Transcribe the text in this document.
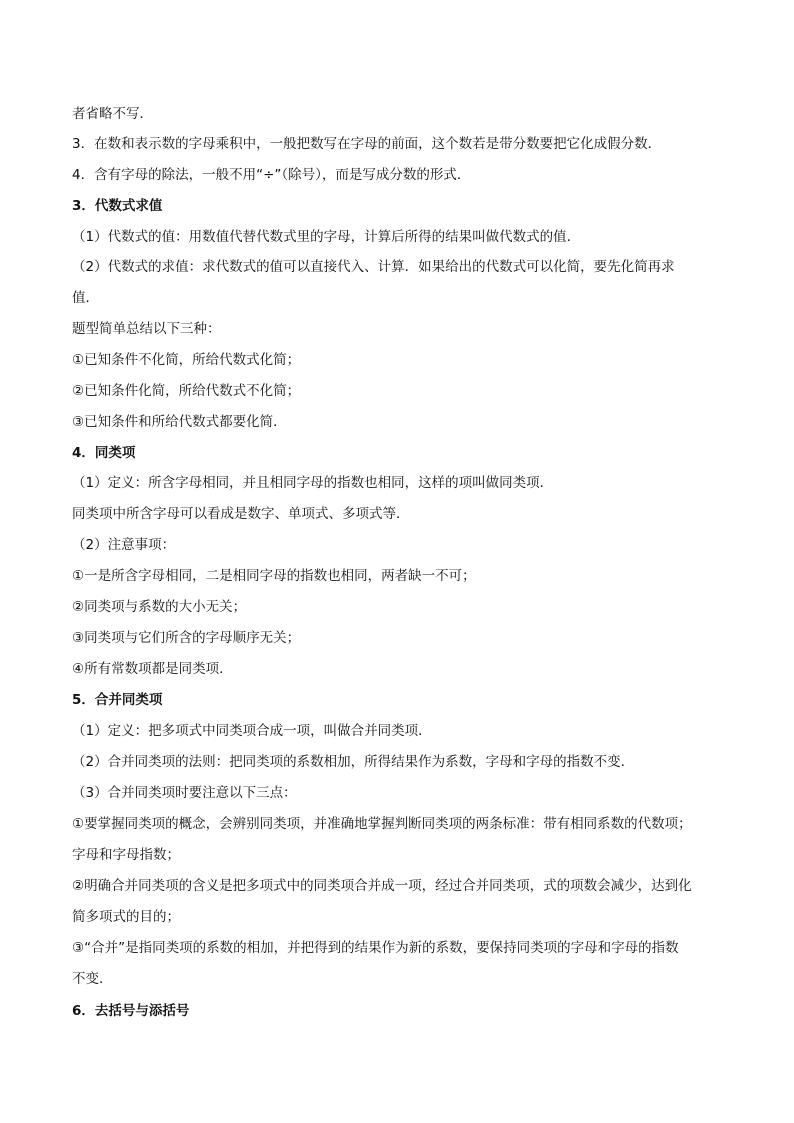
者省略不写．
3．在数和表示数的字母乘积中，一般把数写在字母的前面，这个数若是带分数要把它化成假分数．
4．含有字母的除法，一般不用“÷”（除号），而是写成分数的形式．
3．代数式求值
（1）代数式的值：用数值代替代数式里的字母，计算后所得的结果叫做代数式的值．
（2）代数式的求值：求代数式的值可以直接代入、计算．如果给出的代数式可以化简，要先化简再求
值．
题型简单总结以下三种：
①已知条件不化简，所给代数式化简；
②已知条件化简，所给代数式不化简；
③已知条件和所给代数式都要化简．
4．同类项
（1）定义：所含字母相同，并且相同字母的指数也相同，这样的项叫做同类项．
同类项中所含字母可以看成是数字、单项式、多项式等．
（2）注意事项：
①一是所含字母相同，二是相同字母的指数也相同，两者缺一不可；
②同类项与系数的大小无关；
③同类项与它们所含的字母顺序无关；
④所有常数项都是同类项．
5．合并同类项
（1）定义：把多项式中同类项合成一项，叫做合并同类项．
（2）合并同类项的法则：把同类项的系数相加，所得结果作为系数，字母和字母的指数不变．
（3）合并同类项时要注意以下三点：
①要掌握同类项的概念，会辨别同类项，并准确地掌握判断同类项的两条标准：带有相同系数的代数项；
字母和字母指数；
②明确合并同类项的含义是把多项式中的同类项合并成一项，经过合并同类项，式的项数会减少，达到化
简多项式的目的；
③“合并”是指同类项的系数的相加，并把得到的结果作为新的系数，要保持同类项的字母和字母的指数
不变．
6．去括号与添括号
